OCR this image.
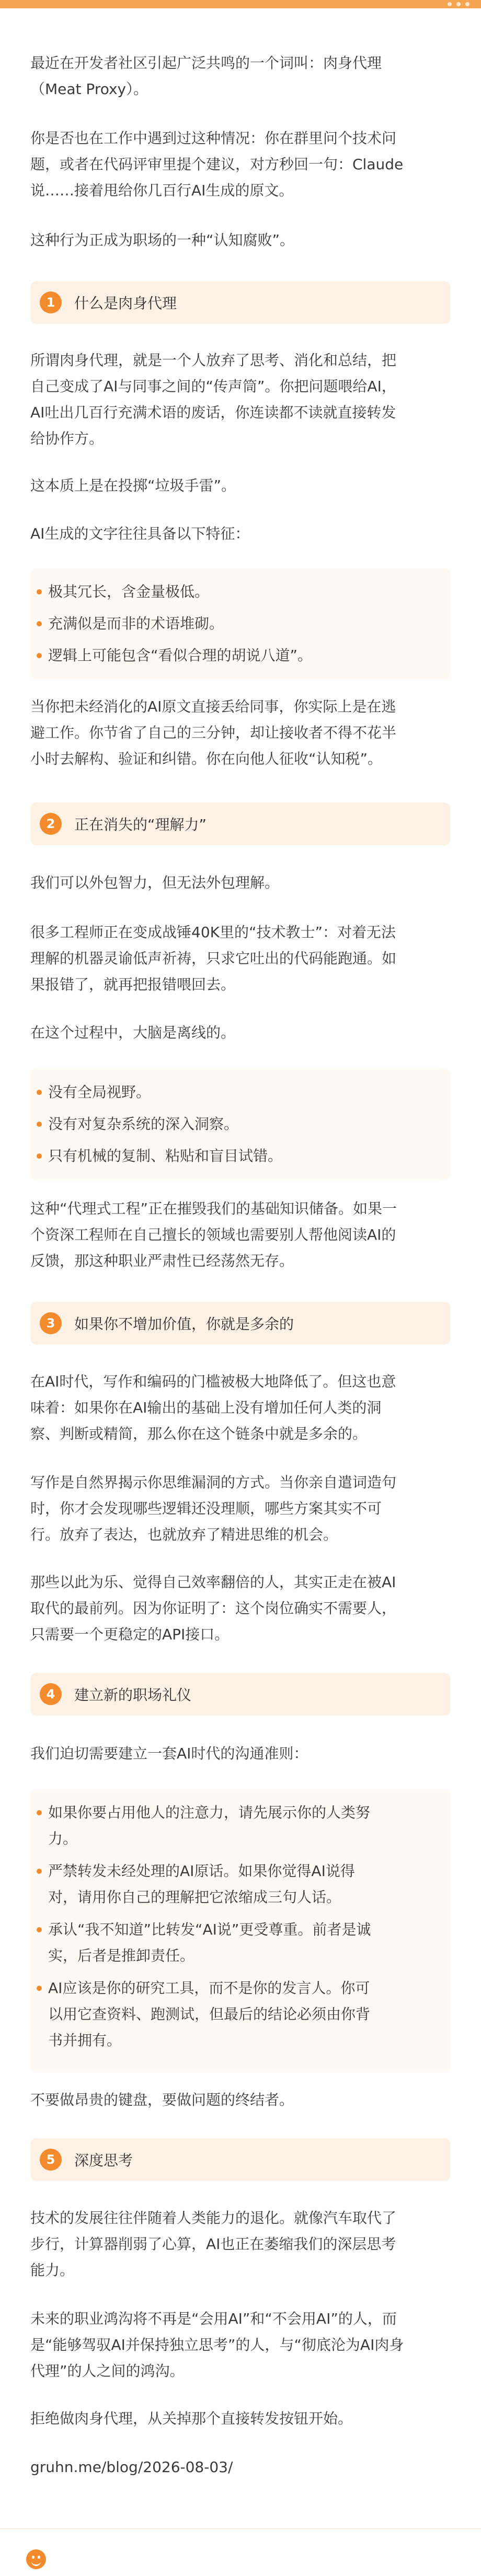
最近在开发者社区引起广泛共鸣的一个词叫：肉身代理
（Meat Proxy）。

你是否也在工作中遇到过这种情况：你在群里问个技术问
题，或者在代码评审里提个建议，对方秒回一句：Claude
说……接着甩给你几百行AI生成的原文。

这种行为正成为职场的一种“认知腐败”。

1	什么是肉身代理

所谓肉身代理，就是一个人放弃了思考、消化和总结，把
自己变成了AI与同事之间的“传声筒”。你把问题喂给AI，
AI吐出几百行充满术语的废话，你连读都不读就直接转发
给协作方。

这本质上是在投掷“垃圾手雷”。

AI生成的文字往往具备以下特征：

极其冗长，含金量极低。
充满似是而非的术语堆砌。
逻辑上可能包含“看似合理的胡说八道”。

当你把未经消化的AI原文直接丢给同事，你实际上是在逃
避工作。你节省了自己的三分钟，却让接收者不得不花半
小时去解构、验证和纠错。你在向他人征收“认知税”。

2	正在消失的“理解力”

我们可以外包智力，但无法外包理解。

很多工程师正在变成战锤40K里的“技术教士”：对着无法
理解的机器灵谕低声祈祷，只求它吐出的代码能跑通。如
果报错了，就再把报错喂回去。

在这个过程中，大脑是离线的。

没有全局视野。
没有对复杂系统的深入洞察。
只有机械的复制、粘贴和盲目试错。

这种“代理式工程”正在摧毁我们的基础知识储备。如果一
个资深工程师在自己擅长的领域也需要别人帮他阅读AI的
反馈，那这种职业严肃性已经荡然无存。

3	如果你不增加价值，你就是多余的

在AI时代，写作和编码的门槛被极大地降低了。但这也意
味着：如果你在AI输出的基础上没有增加任何人类的洞
察、判断或精简，那么你在这个链条中就是多余的。

写作是自然界揭示你思维漏洞的方式。当你亲自遣词造句
时，你才会发现哪些逻辑还没理顺，哪些方案其实不可
行。放弃了表达，也就放弃了精进思维的机会。

那些以此为乐、觉得自己效率翻倍的人，其实正走在被AI
取代的最前列。因为你证明了：这个岗位确实不需要人，
只需要一个更稳定的API接口。

4	建立新的职场礼仪

我们迫切需要建立一套AI时代的沟通准则：

如果你要占用他人的注意力，请先展示你的人类努
力。
严禁转发未经处理的AI原话。如果你觉得AI说得
对，请用你自己的理解把它浓缩成三句人话。
承认“我不知道”比转发“AI说”更受尊重。前者是诚
实，后者是推卸责任。
AI应该是你的研究工具，而不是你的发言人。你可
以用它查资料、跑测试，但最后的结论必须由你背
书并拥有。

不要做昂贵的键盘，要做问题的终结者。

5	深度思考

技术的发展往往伴随着人类能力的退化。就像汽车取代了
步行，计算器削弱了心算，AI也正在萎缩我们的深层思考
能力。

未来的职业鸿沟将不再是“会用AI”和“不会用AI”的人，而
是“能够驾驭AI并保持独立思考”的人，与“彻底沦为AI肉身
代理”的人之间的鸿沟。

拒绝做肉身代理，从关掉那个直接转发按钮开始。

gruhn.me/blog/2026-08-03/
